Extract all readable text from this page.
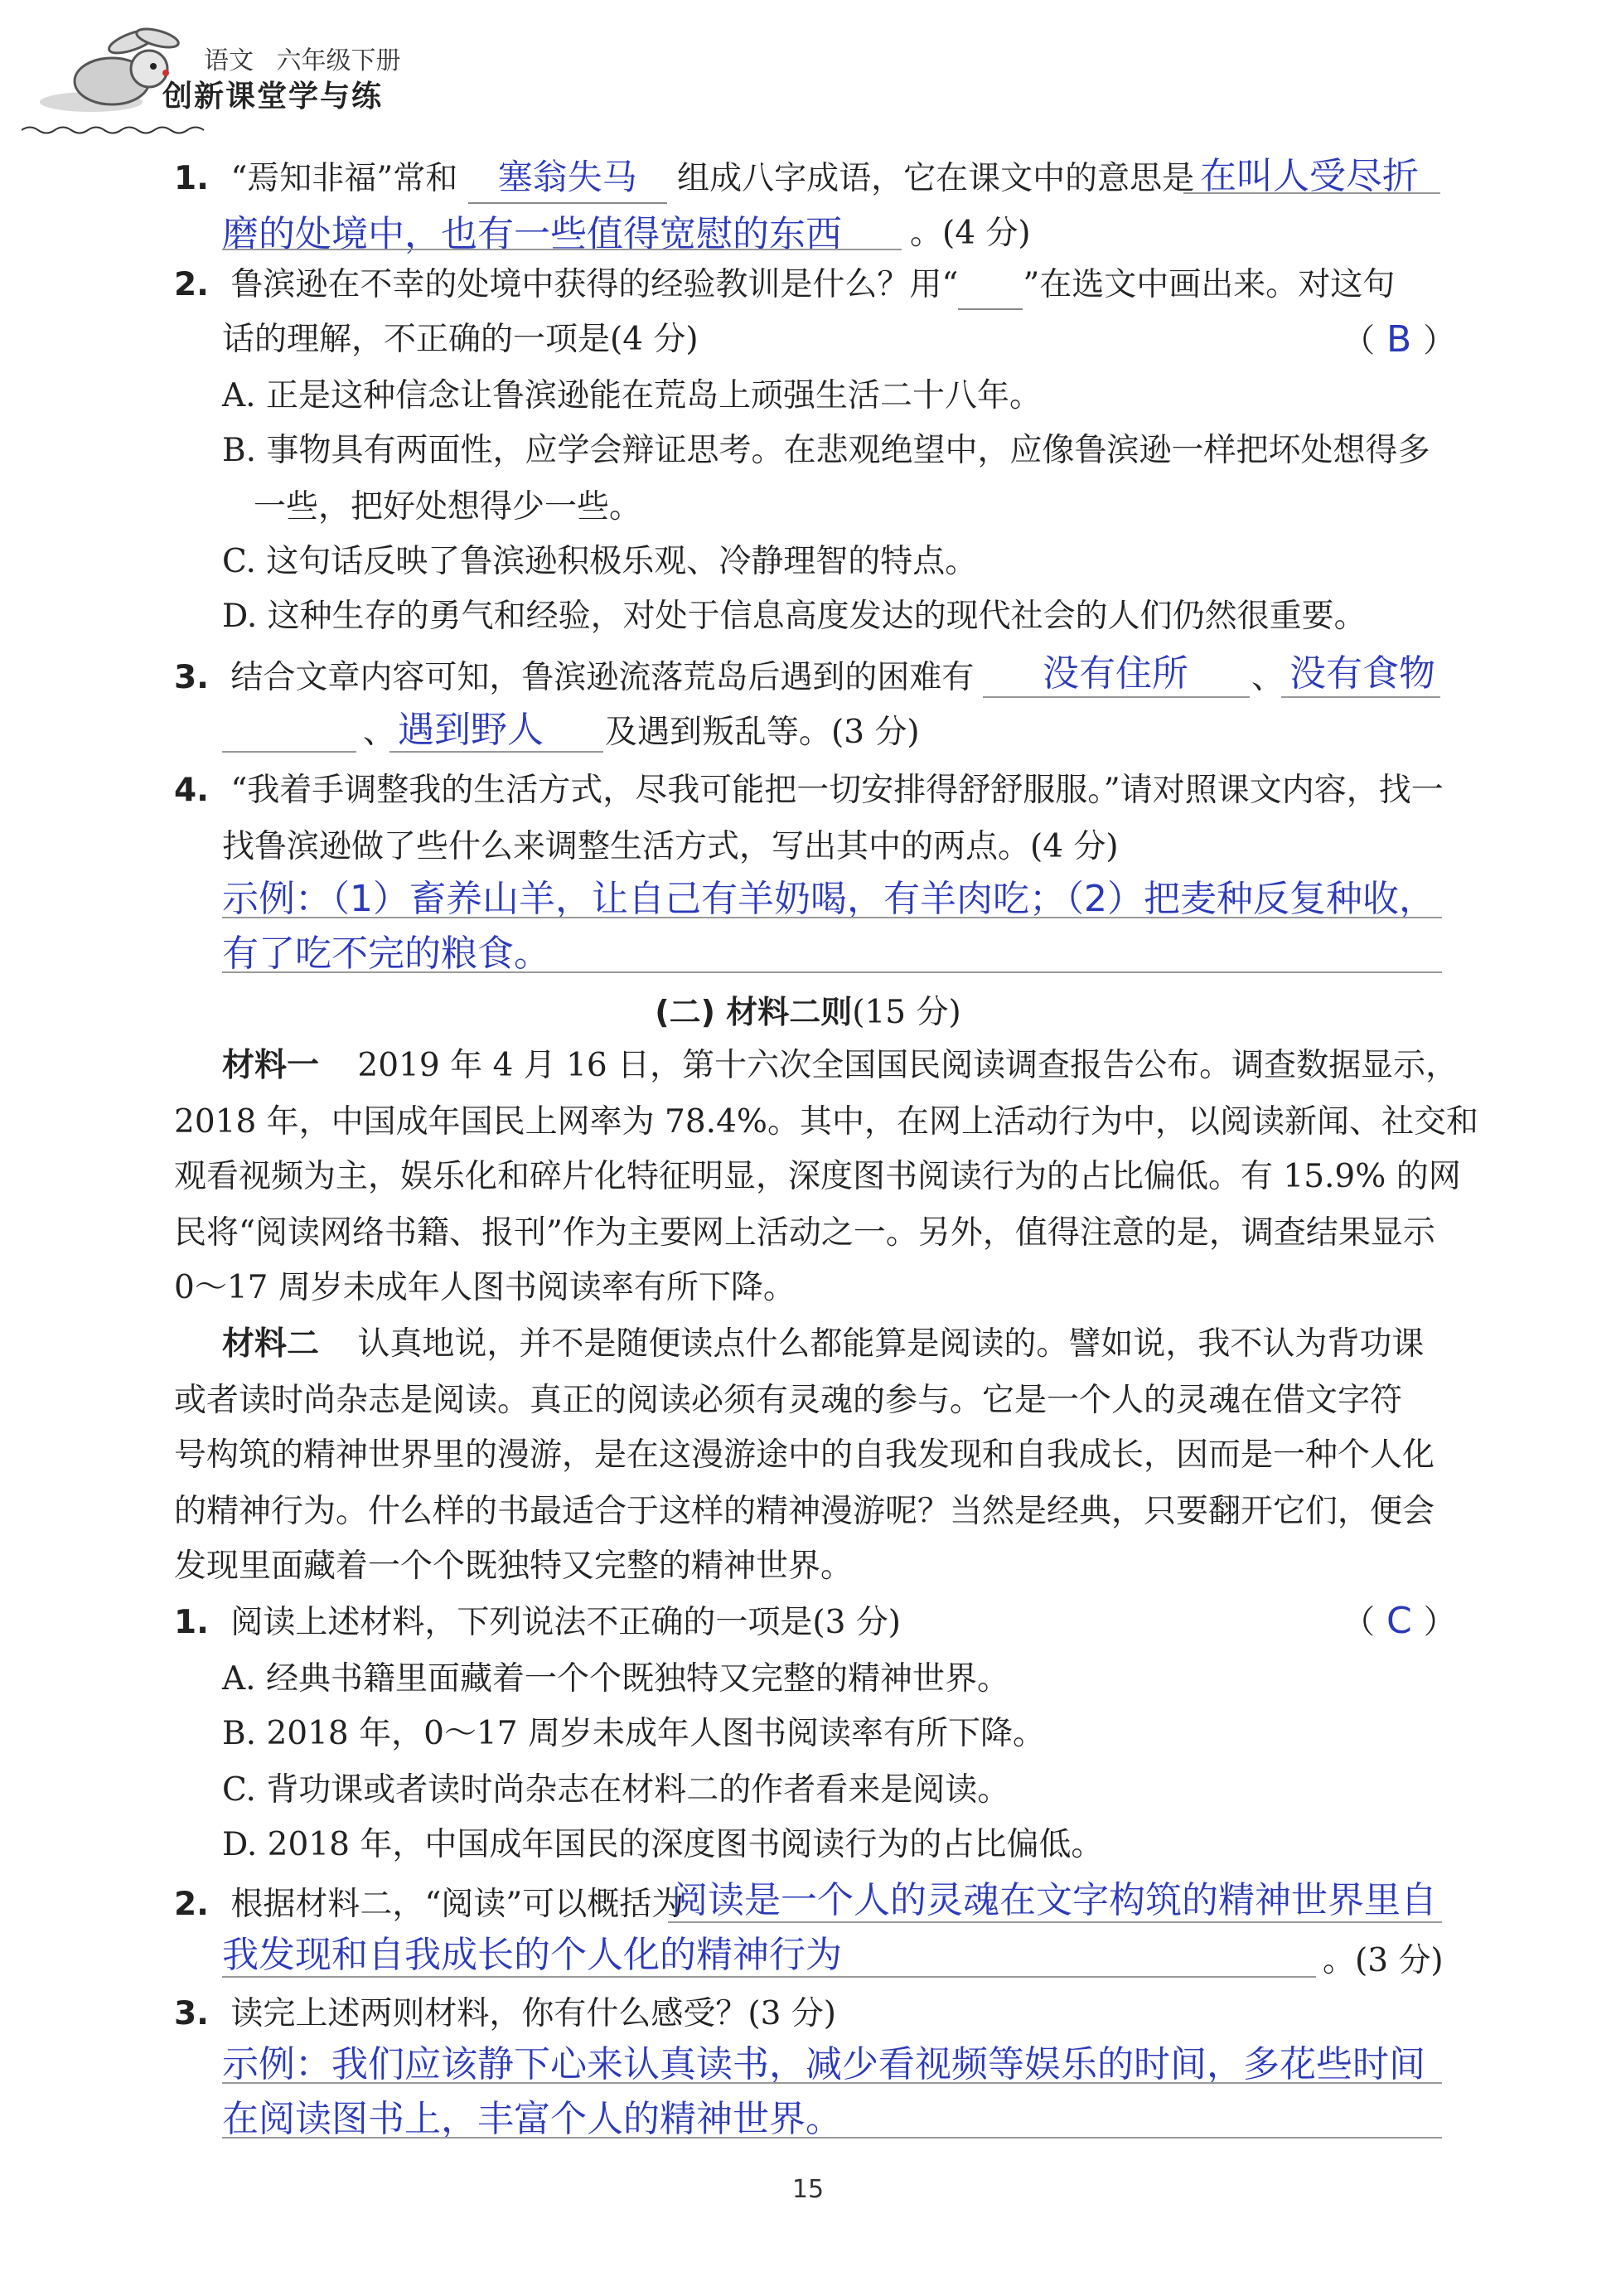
语文 六年级下册
创新课堂学与练
1. “焉知非福”常和 塞翁失马 组成八字成语，它在课文中的意思是 在叫人受尽折
磨的处境中，也有一些值得宽慰的东西 。(4 分)
2. 鲁滨逊在不幸的处境中获得的经验教训是什么？用“ ”在选文中画出来。对这句
话的理解，不正确的一项是(4 分)	（ B ）
A. 正是这种信念让鲁滨逊能在荒岛上顽强生活二十八年。
B. 事物具有两面性，应学会辩证思考。在悲观绝望中，应像鲁滨逊一样把坏处想得多
一些，把好处想得少一些。
C. 这句话反映了鲁滨逊积极乐观、冷静理智的特点。
D. 这种生存的勇气和经验，对处于信息高度发达的现代社会的人们仍然很重要。
3. 结合文章内容可知，鲁滨逊流落荒岛后遇到的困难有 没有住所 、 没有食物
、 遇到野人 及遇到叛乱等。(3 分)
4. “我着手调整我的生活方式，尽我可能把一切安排得舒舒服服。”请对照课文内容，找一
找鲁滨逊做了些什么来调整生活方式，写出其中的两点。(4 分)
示例：（1）畜养山羊，让自己有羊奶喝，有羊肉吃；（2）把麦种反复种收，
有了吃不完的粮食。
(二) 材料二则(15 分)
材料一 2019 年 4 月 16 日，第十六次全国国民阅读调查报告公布。调查数据显示，
2018 年，中国成年国民上网率为 78.4%。其中，在网上活动行为中，以阅读新闻、社交和
观看视频为主，娱乐化和碎片化特征明显，深度图书阅读行为的占比偏低。有 15.9% 的网
民将“阅读网络书籍、报刊”作为主要网上活动之一。另外，值得注意的是，调查结果显示
0～17 周岁未成年人图书阅读率有所下降。
材料二 认真地说，并不是随便读点什么都能算是阅读的。譬如说，我不认为背功课
或者读时尚杂志是阅读。真正的阅读必须有灵魂的参与。它是一个人的灵魂在借文字符
号构筑的精神世界里的漫游，是在这漫游途中的自我发现和自我成长，因而是一种个人化
的精神行为。什么样的书最适合于这样的精神漫游呢？当然是经典，只要翻开它们，便会
发现里面藏着一个个既独特又完整的精神世界。
1. 阅读上述材料，下列说法不正确的一项是(3 分)	（ C ）
A. 经典书籍里面藏着一个个既独特又完整的精神世界。
B. 2018 年，0～17 周岁未成年人图书阅读率有所下降。
C. 背功课或者读时尚杂志在材料二的作者看来是阅读。
D. 2018 年，中国成年国民的深度图书阅读行为的占比偏低。
2. 根据材料二，“阅读”可以概括为
阅读是一个人的灵魂在文字构筑的精神世界里自
我发现和自我成长的个人化的精神行为	。(3 分)
3. 读完上述两则材料，你有什么感受？(3 分)
示例：我们应该静下心来认真读书，减少看视频等娱乐的时间，多花些时间
在阅读图书上，丰富个人的精神世界。
15
